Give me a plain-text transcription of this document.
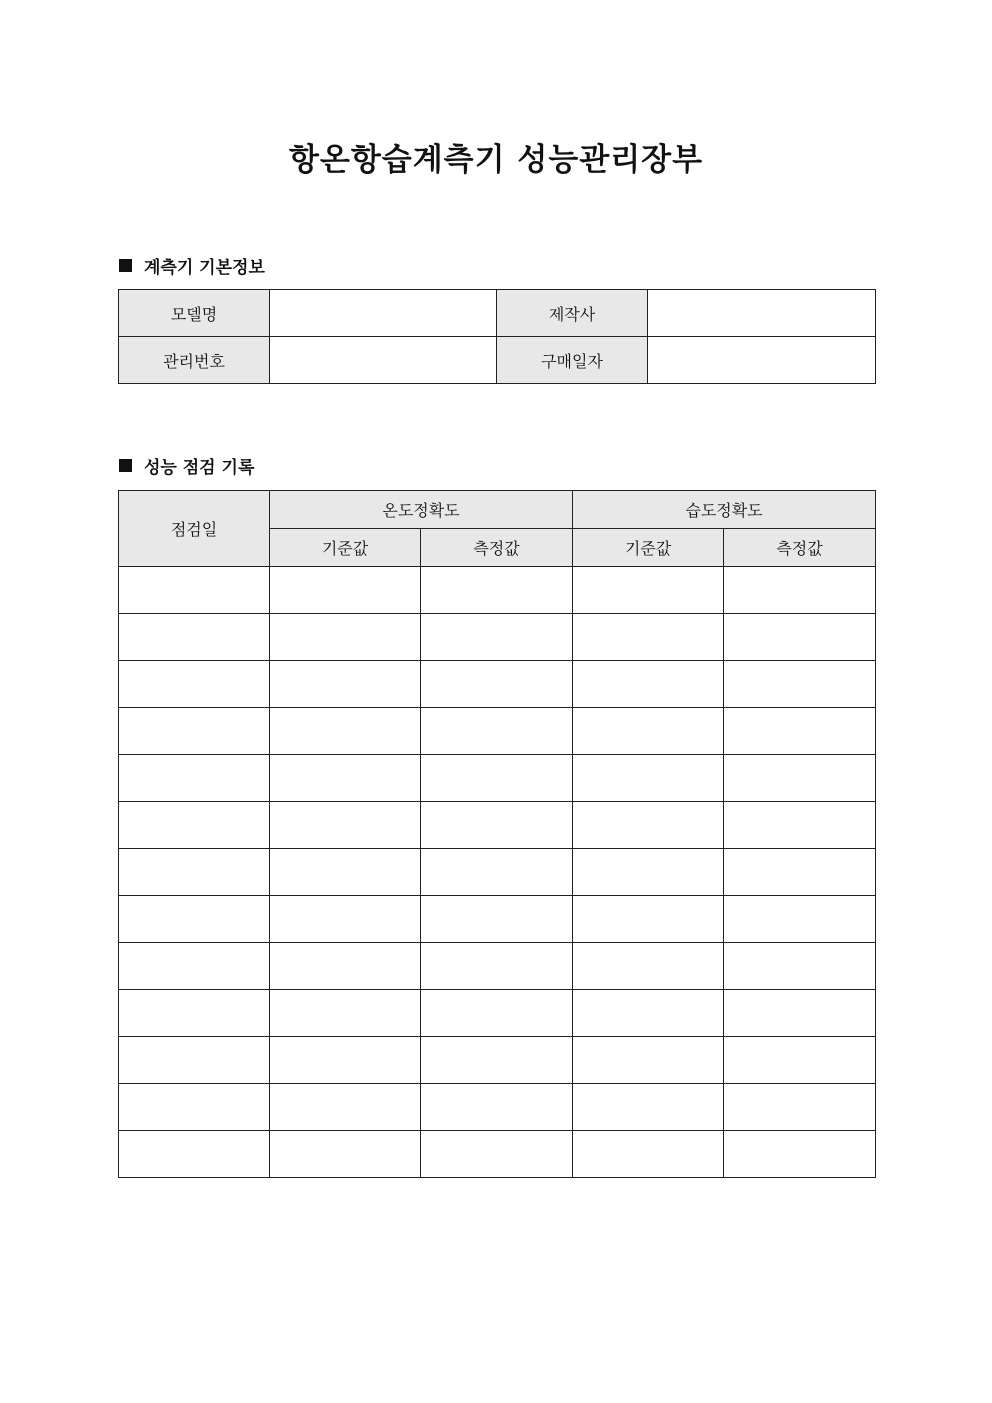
항온항습계측기 성능관리장부
계측기 기본정보
모델명		제작사	
관리번호		구매일자	
성능 점검 기록
점검일	온도정확도		습도정확도	
	기준값	측정값	기준값	측정값
